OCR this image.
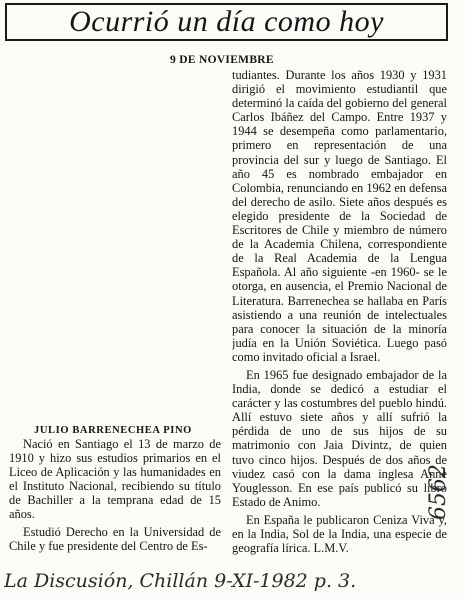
Ocurrió un día como hoy
9 DE NOVIEMBRE

tudiantes. Durante los años 1930 y 1931 dirigió el movimiento estudiantil que determinó la caída del gobierno del general Carlos Ibáñez del Campo. Entre 1937 y 1944 se desempeña como parlamentario, primero en representación de una provincia del sur y luego de Santiago. El año 45 es nombrado embajador en Colombia, renunciando en 1962 en defensa del derecho de asilo. Siete años después es elegido presidente de la Sociedad de Escritores de Chile y miembro de número de la Academia Chilena, correspondiente de la Real Academia de la Lengua Española. Al año siguiente -en 1960- se le otorga, en ausencia, el Premio Nacional de Literatura. Barrenechea se hallaba en París asistiendo a una reunión de intelectuales para conocer la situación de la minoría judía en la Unión Soviética. Luego pasó como invitado oficial a Israel.

En 1965 fue designado embajador de la India, donde se dedicó a estudiar el carácter y las costumbres del pueblo hindú. Allí estuvo siete años y allí sufrió la pérdida de uno de sus hijos de su matrimonio con Jaia Divintz, de quien tuvo cinco hijos. Después de dos años de viudez casó con la dama inglesa Anne Youglesson. En ese país publicó su libro Estado de Animo.

En España le publicaron Ceniza Viva y, en la India, Sol de la India, una especie de geografía lírica. L.M.V.

JULIO BARRENECHEA PINO

Nació en Santiago el 13 de marzo de 1910 y hizo sus estudios primarios en el Liceo de Aplicación y las humanidades en el Instituto Nacional, recibiendo su título de Bachiller a la temprana edad de 15 años.

Estudió Derecho en la Universidad de Chile y fue presidente del Centro de Es-

La Discusión, Chillán 9-XI-1982 p. 3.
6562
